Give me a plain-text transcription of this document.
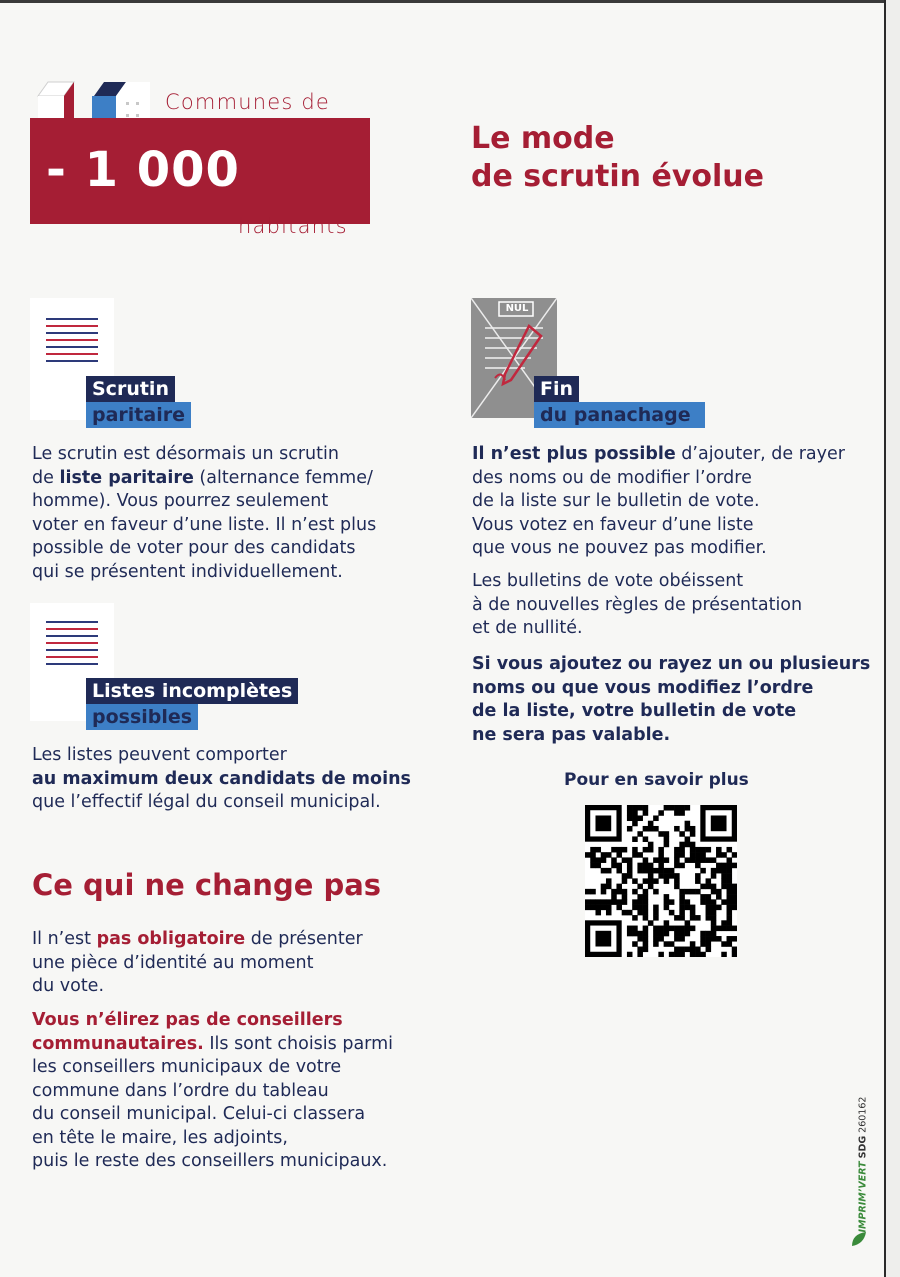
Communes de
- 1 000
habitants
Le mode
de scrutin évolue
Scrutin
paritaire
Le scrutin est désormais un scrutin
de liste paritaire (alternance femme/
homme). Vous pourrez seulement
voter en faveur d’une liste. Il n’est plus
possible de voter pour des candidats
qui se présentent individuellement.
Listes incomplètes
possibles
Les listes peuvent comporter
au maximum deux candidats de moins
que l’effectif légal du conseil municipal.
NUL
Fin
du panachage
Il n’est plus possible d’ajouter, de rayer
des noms ou de modifier l’ordre
de la liste sur le bulletin de vote.
Vous votez en faveur d’une liste
que vous ne pouvez pas modifier.
Les bulletins de vote obéissent
à de nouvelles règles de présentation
et de nullité.
Si vous ajoutez ou rayez un ou plusieurs
noms ou que vous modifiez l’ordre
de la liste, votre bulletin de vote
ne sera pas valable.
Pour en savoir plus
Ce qui ne change pas
Il n’est pas obligatoire de présenter
une pièce d’identité au moment
du vote.
Vous n’élirez pas de conseillers
communautaires. Ils sont choisis parmi
les conseillers municipaux de votre
commune dans l’ordre du tableau
du conseil municipal. Celui-ci classera
en tête le maire, les adjoints,
puis le reste des conseillers municipaux.
IMPRIM’VERT SDG 260162
